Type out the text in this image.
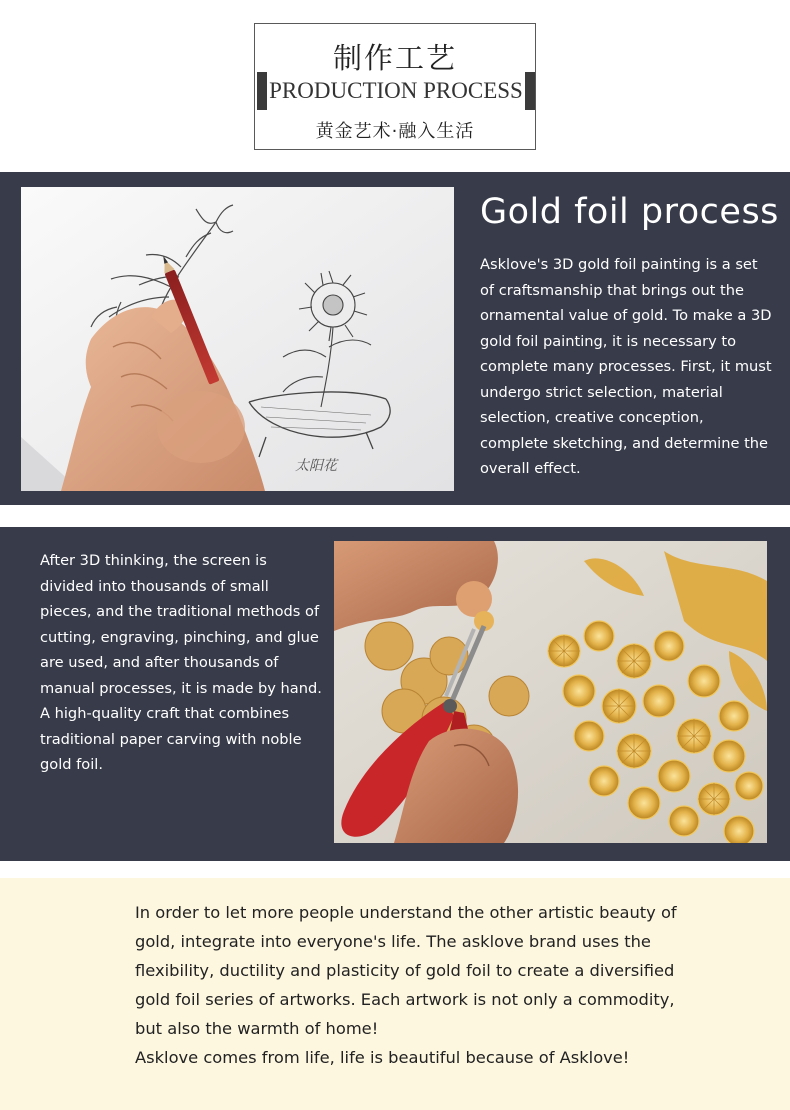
制作工艺
PRODUCTION PROCESS
黄金艺术·融入生活
太阳花
Gold foil process
Asklove's 3D gold foil painting is a set of craftsmanship that brings out the ornamental value of gold. To make a 3D gold foil painting, it is necessary to complete many processes. First, it must undergo strict selection, material selection, creative conception, complete sketching, and determine the overall effect.
After 3D thinking, the screen is divided into thousands of small pieces, and the traditional methods of cutting, engraving, pinching, and glue are used, and after thousands of manual processes, it is made by hand. A high-quality craft that combines traditional paper carving with noble gold foil.
In order to let more people understand the other artistic beauty of
gold, integrate into everyone's life. The asklove brand uses the
flexibility, ductility and plasticity of gold foil to create a diversified
gold foil series of artworks. Each artwork is not only a commodity,
but also the warmth of home!
Asklove comes from life, life is beautiful because of Asklove!
